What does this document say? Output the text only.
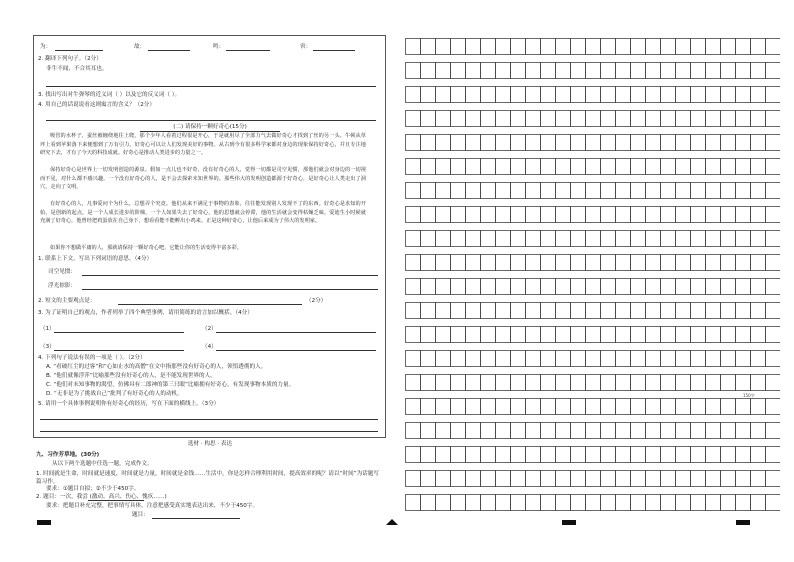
为：	故：	鸣：	啻：
2. 翻译下列句子。（2分）
非牛不闻，不合其耳也。
3. 找出写出对牛弹琴的近义词（ ）以及它的反义词（ ）。
4. 用自己的话说说看这则寓言的含义？（2分）
(二) 请保持一颗好奇心(15分)
吸管的水杯子，蚕丝被缠绕地往上爬，那个少年人看着过程很是开心，于是就用尽了全部力气去做好奇心才找到了丝的另一头。牛顿从草坪上看到苹果落下来便想到了万有引力，好奇心可以让人们发现美好的事物。从古到今有很多科学家都对身边的现象保持好奇心，并且专注地研究下去，才有了今天的科技成就。好奇心是推动人类进步的力量之一。
保持好奇心是世界上一切发明创造的源泉。假如一点儿也不好奇，没有好奇心的人，觉得一切都是司空见惯，那他们就会对身边的一切视而不见，对什么都不感兴趣。一个没有好奇心的人，是不会去探索未知世界的。那些伟大的发明创造都源于好奇心，是好奇心让人类走出了洞穴，走向了文明。
有好奇心的人，凡事爱问个为什么，总想弄个究竟。他们从来不满足于事物的表象，往往能发现别人发现不了的东西。好奇心是求知的开始，是创新的起点，是一个人成长进步的阶梯。一个人如果失去了好奇心，他的思想就会停滞，他的生活就会变得枯燥乏味。爱迪生小时候就充满了好奇心，他曾经把鸡蛋放在自己身下，想看看能不能孵出小鸡来。正是这种好奇心，让他后来成为了伟大的发明家。
如果你不想做平庸的人，那就请保持一颗好奇心吧，它能让你的生活变得丰富多彩。
1. 联系上下文，写出下列词语的意思。（4分）
司空见惯：
浮光掠影：
2. 短文的主要观点是：	（2分）
3. 为了证明自己的观点，作者列举了四个典型事例，请用简练的语言加以概括。（4分）
（1）	（2）
（3）	（4）
4. 下列句子说法有误的一项是（ ）。（2分）
A. “看破红尘的过客”和“心如止水的高僧”在文中指那些没有好奇心的人，领悟透彻的人。
B. “他们就像浮萍”比喻那些没有好奇心的人，是不能发现世界的人。
C. “他们对未知事物的渴望，仿佛具有二郎神的第三只眼”比喻拥有好奇心，有发现事物本质的力量。
D. “无非是为了挑战自己”批判了有好奇心的人的动机。
5. 请用一个具体事例说明你有好奇心的经历，写在下面的横线上。（3分）
选材 · 构思 · 表达
九、习作芳草地。(30分)
从以下两个选题中任选一题，完成作文。
1. 时间就是生命，时间就是速度，时间就是力量，时间就是金钱……生活中，你是怎样合理利用时间，提高效率的呢？请以“时间”为话题写篇习作。
要求：①题目自拟；②不少于450字。
2. 题目：一次，我尝 (激动、高兴、伤心、愧疚……)
要求：把题目补充完整，把事情写具体，注意把感受真实地表达出来，不少于450字。
题目：
150字
